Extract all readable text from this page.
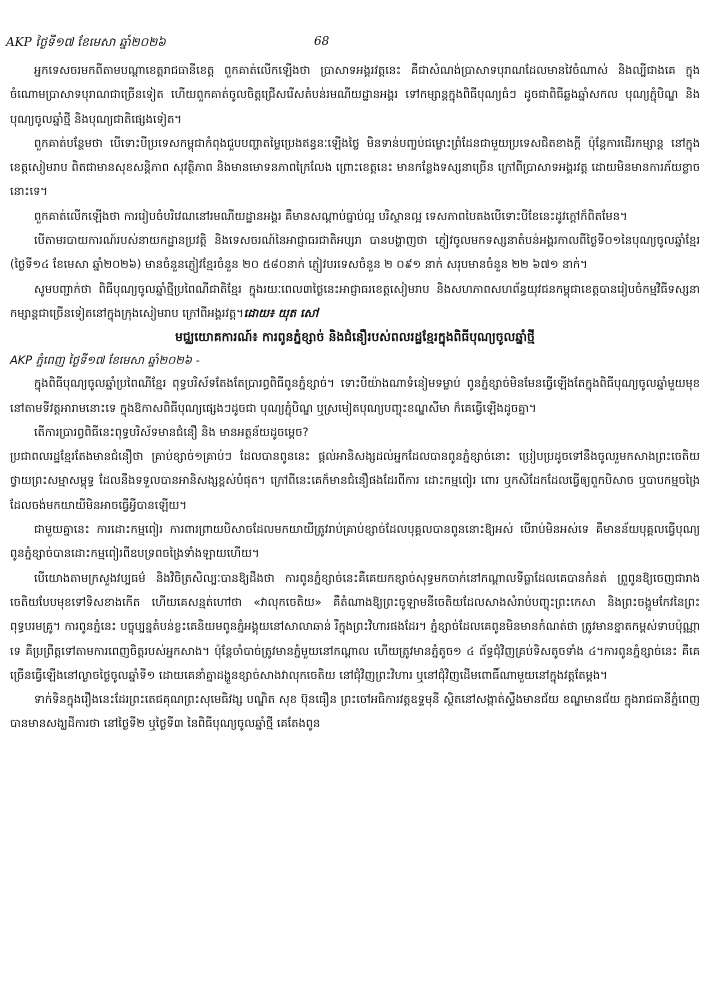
AKP ថ្ងៃទី១៧ ខែមេសា ឆ្នាំ២០២៦	68

អ្នកទេសចរមកពីតាមបណ្ដាខេត្តរាជធានីខេត្ត ពួកគាត់លើកឡើងថា ប្រាសាទអង្គរវត្តនេះ គឺជាសំណង់ប្រាសាទបុរាណដែលមានវៃចំណាស់ និងល្បីជាងគេ ក្នុងចំណោមប្រាសាទបុរាណជាច្រើនទៀត ហើយពួកគាត់ចូលចិត្តជ្រើសរើសតំបន់រមណីយដ្ឋានអង្គរ ទៅកម្សាន្តក្នុងពិធីបុណ្យធំៗ ដូចជាពិធីឆ្លងឆ្នាំសកល បុណ្យភ្ជុំបិណ្ឌ និងបុណ្យចូលឆ្នាំថ្មី និងបុណ្យជាតិផ្សេងទៀត។

ពួកគាត់បន្ថែមថា បើទោះបីប្រទេសកម្ពុជាកំពុងជួបបញ្ហាតម្លៃប្រេងឥន្ធនៈឡើងថ្លៃ មិនទាន់បញ្ចប់ជម្លោះព្រំដែនជាមួយប្រទេសជិតខាងក្តី ប៉ុន្តែការដើរកម្សាន្ត នៅក្នុងខេត្តសៀមរាប ពិតជាមានសុខសន្តិភាព សុវត្ថិភាព និងមានមោទនភាពក្រៃលែង ព្រោះខេត្តនេះ មានកន្លែងទស្សនាច្រើន ក្រៅពីប្រាសាទអង្គរវត្ត ដោយមិនមានការភ័យខ្លាចនោះទេ។

ពួកគាត់លើកឡើងថា ការរៀបចំបរិវេណនៅរមណីយដ្ឋានអង្គរ គឺមានសណ្ដាប់ធ្នាប់ល្អ បរិស្ថានល្អ ទេសភាពបៃតងបើទោះបីខែនេះដូវក្តៅក៏ពិតមែន។

បើតាមរបាយការណ៍របស់នាយកដ្ឋានប្រវត្តិ និងទេសចរណ៍នៃអាជ្ញាធរជាតិអប្សរា បានបង្ហាញថា ភ្ញៀវចូលមកទស្សនាតំបន់អង្គរកាលពីថ្ងៃទី០១នៃបុណ្យចូលឆ្នាំខ្មែរ (ថ្ងៃទី១៤ ខែមេសា ឆ្នាំ២០២៦) មានចំនួនភ្ញៀវខ្មែរចំនួន ២០ ៥៨០នាក់ ភ្ញៀវបរទេសចំនួន ២ ០៩១ នាក់ សរុបមានចំនួន ២២ ៦៧១ នាក់។

សូមបញ្ជាក់ថា ពិធីបុណ្យចូលឆ្នាំថ្មីប្រពៃណីជាតិខ្មែរ ក្នុងរយៈពេល៣ថ្ងៃនេះអាជ្ញាធរខេត្តសៀមរាប និងសហភាពសហព័ន្ធយុវជនកម្ពុជាខេត្តបានរៀបចំកម្មវិធីទស្សនាកម្សាន្តជាច្រើនទៀតនៅក្នុងក្រុងសៀមរាប ក្រៅពីអង្គរវត្ត។ដោយ៖ យុត សៅ

មជ្ឈយោគការណ៍៖ ការពូនភ្នំខ្សាច់ និងជំនឿរបស់ពលរដ្ឋខ្មែរក្នុងពិធីបុណ្យចូលឆ្នាំថ្មី

AKP ភ្នំពេញ ថ្ងៃទី១៧ ខែមេសា ឆ្នាំ២០២៦ -

ក្នុងពិធីបុណ្យចូលឆ្នាំប្រពៃណីខ្មែរ ពុទ្ធបរិស័ទតែងតែប្រារព្ធពិធីពូនភ្នំខ្សាច់។ ទោះបីយ៉ាងណាទំនៀមទម្លាប់ ពូនភ្នំខ្សាច់មិនមែនធ្វើឡើងតែក្នុងពិធីបុណ្យចូលឆ្នាំមួយមុខនៅតាមទីវត្តអារាមនោះទេ ក្នុងឱកាសពិធីបុណ្យផ្សេងៗដូចជា បុណ្យភ្ជុំបិណ្ឌ ឬស្រមៀតបុណ្យបញ្ចុះខណ្ឌសីមា ក៏គេធ្វើឡើងដូចគ្នា។

តើការប្រារព្ធពិធីនេះពុទ្ធបរិស័ទមានជំនឿ និង មានអត្ថន័យដូចម្តេច?

ប្រជាពលរដ្ឋខ្មែរតែងមានជំនឿថា គ្រាប់ខ្សាច់១គ្រាប់ៗ ដែលបានពូននេះ ផ្ដល់អានិសង្សដល់អ្នកដែលបានពូនភ្នំខ្សាច់នោះ ប្រៀបប្រដូចទៅនឹងចូលរួមកសាងព្រះចេតិយថ្វាយព្រះសម្មាសម្ពុទ្ធ ដែលនឹងទទួលបានអានិសង្សខ្ពស់បំផុត។ ក្រៅពីនេះគេក៏មានជំនឿផងដែរពីការ ដោះកម្មពៀរ ពោរ ឬកសិដែកដែលធ្វើឲ្យពួកបិសាច ឬបាបកម្មចង្រៃដែលចង់មកយាយីមិនអាចធ្វើអ្វីបានឡើយ។

ជាមួយគ្នានេះ ការដោះកម្មពៀរ ការពារព្រាយបិសាចដែលមកយាយីត្រូវរាប់គ្រាប់ខ្សាច់ដែលបុគ្គលបានពូននោះឱ្យអស់ បើរាប់មិនអស់ទេ គឺមានន័យបុគ្គលធ្វើបុណ្យ ពូនភ្នំខ្សាច់បានដោះកម្មពៀរពីឧបទ្រពចង្រៃទាំងឡាយហើយ។

បើយោងតាមក្រសួងវប្បធម៌ និងវិចិត្រសិល្បៈបានឱ្យដឹងថា ការពូនភ្នំខ្សាច់នេះគឺគេយកខ្សាច់សុទ្ធមកចាក់នៅកណ្ដាលទីធ្លាដែលគេបានកំនត់ ព្រួពូនឱ្យចេញជារាងចេតិយបែបមុខទៅទិសខាងកើត ហើយគេសន្មត់ហៅថា «វាលុកចេតិយ» គឺតំណាងឱ្យព្រះចូឡាមនីចេតិយដែលសាងសំរាប់បញ្ចុះព្រះកេសា និងព្រះចង្កូមកែវនៃព្រះពុទ្ធបរមគ្រូ។ ការពូនភ្នំនេះ បច្ចុប្បន្នតំបន់ខ្លះគេនិយមពូនភ្នំអង្គុយនៅសាលាឆាន់ រឺក្នុងព្រះវិហារផងដែរ។ ភ្នំខ្សាច់ដែលគេពូនមិនមានកំណត់ថា ត្រូវមានខ្នាតកម្ពស់ទាបប៉ុណ្ណាទេ គឺប្រព្រឹត្តទៅតាមការពេញចិត្តរបស់អ្នកសាង។ ប៉ុន្តែចាំបាច់ត្រូវមានភ្នំមួយនៅកណ្ដាល ហើយត្រូវមានភ្នំតូច១ ៤ ព័ទ្ធជុំវិញគ្រប់ទិសតូចទាំង ៤។ការពូនភ្នំខ្សាច់នេះ គឺគេច្រើនធ្វើឡើងនៅល្ងាចថ្ងៃចូលឆ្នាំទី១ ដោយគេនាំគ្នាដង្ហួនខ្សាច់សាងវាលុកចេតិយ នៅជុំវិញព្រះវិហារ ឬនៅជុំវិញដើមពោធិ៍ណាមួយនៅក្នុងវត្តតែម្តង។

ទាក់ទិនក្នុងរឿងនេះដែរព្រះតេជគុណព្រះសុមេធិវង្ស បណ្ឌិត សុខ ប៊ុនធឿន ព្រះចៅអធិការវត្តឧទ្ទមុនី ស្ថិតនៅសង្កាត់ស្ទឹងមានជ័យ ខណ្ឌមានជ័យ ក្នុងរាជធានីភ្នំពេញបានមានសង្ឃដីការថា នៅថ្ងៃទី២ ឬថ្ងៃទី៣ នៃពិធីបុណ្យចូលឆ្នាំថ្មី គេតែងពូន
